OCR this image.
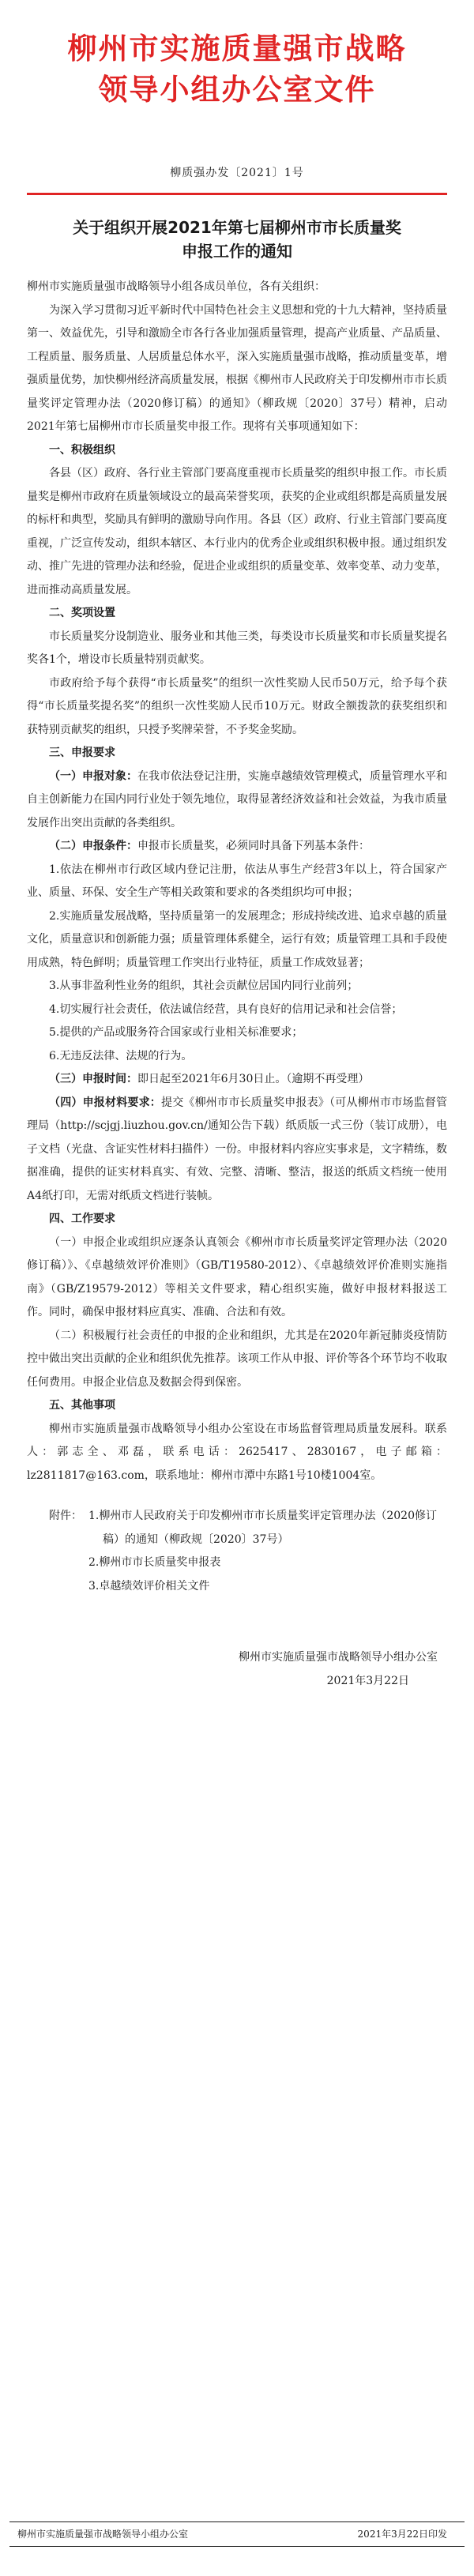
柳州市实施质量强市战略
领导小组办公室文件
柳质强办发〔2021〕1号
关于组织开展2021年第七届柳州市市长质量奖
申报工作的通知

柳州市实施质量强市战略领导小组各成员单位，各有关组织：

为深入学习贯彻习近平新时代中国特色社会主义思想和党的十九大精神，坚持质量第一、效益优先，引导和激励全市各行各业加强质量管理，提高产业质量、产品质量、工程质量、服务质量、人居质量总体水平，深入实施质量强市战略，推动质量变革，增强质量优势，加快柳州经济高质量发展，根据《柳州市人民政府关于印发柳州市市长质量奖评定管理办法（2020修订稿）的通知》（柳政规〔2020〕37号）精神，启动2021年第七届柳州市市长质量奖申报工作。现将有关事项通知如下：

一、积极组织

各县（区）政府、各行业主管部门要高度重视市长质量奖的组织申报工作。市长质量奖是柳州市政府在质量领域设立的最高荣誉奖项，获奖的企业或组织都是高质量发展的标杆和典型，奖励具有鲜明的激励导向作用。各县（区）政府、行业主管部门要高度重视，广泛宣传发动，组织本辖区、本行业内的优秀企业或组织积极申报。通过组织发动、推广先进的管理办法和经验，促进企业或组织的质量变革、效率变革、动力变革，进而推动高质量发展。

二、奖项设置

市长质量奖分设制造业、服务业和其他三类，每类设市长质量奖和市长质量奖提名奖各1个，增设市长质量特别贡献奖。

市政府给予每个获得“市长质量奖”的组织一次性奖励人民币50万元，给予每个获得“市长质量奖提名奖”的组织一次性奖励人民币10万元。财政全额拨款的获奖组织和获特别贡献奖的组织，只授予奖牌荣誉，不予奖金奖励。

三、申报要求

（一）申报对象：在我市依法登记注册，实施卓越绩效管理模式，质量管理水平和自主创新能力在国内同行业处于领先地位，取得显著经济效益和社会效益，为我市质量发展作出突出贡献的各类组织。

（二）申报条件：申报市长质量奖，必须同时具备下列基本条件：

1.依法在柳州市行政区域内登记注册，依法从事生产经营3年以上，符合国家产业、质量、环保、安全生产等相关政策和要求的各类组织均可申报；

2.实施质量发展战略，坚持质量第一的发展理念；形成持续改进、追求卓越的质量文化，质量意识和创新能力强；质量管理体系健全，运行有效；质量管理工具和手段使用成熟，特色鲜明；质量管理工作突出行业特征，质量工作成效显著；

3.从事非盈利性业务的组织，其社会贡献位居国内同行业前列；

4.切实履行社会责任，依法诚信经营，具有良好的信用记录和社会信誉；

5.提供的产品或服务符合国家或行业相关标准要求；

6.无违反法律、法规的行为。

（三）申报时间：即日起至2021年6月30日止。（逾期不再受理）

（四）申报材料要求：提交《柳州市市长质量奖申报表》（可从柳州市市场监督管理局（http://scjgj.liuzhou.gov.cn/通知公告下载）纸质版一式三份（装订成册），电子文档（光盘、含证实性材料扫描件）一份。申报材料内容应实事求是，文字精练，数据准确，提供的证实材料真实、有效、完整、清晰、整洁，报送的纸质文档统一使用A4纸打印，无需对纸质文档进行装帧。

四、工作要求

（一）申报企业或组织应逐条认真领会《柳州市市长质量奖评定管理办法（2020修订稿）》、《卓越绩效评价准则》（GB/T19580-2012）、《卓越绩效评价准则实施指南》（GB/Z19579-2012）等相关文件要求，精心组织实施，做好申报材料报送工作。同时，确保申报材料应真实、准确、合法和有效。

（二）积极履行社会责任的申报的企业和组织，尤其是在2020年新冠肺炎疫情防控中做出突出贡献的企业和组织优先推荐。该项工作从申报、评价等各个环节均不收取任何费用。申报企业信息及数据会得到保密。

五、其他事项

柳州市实施质量强市战略领导小组办公室设在市场监督管理局质量发展科。联系人：郭志全、邓磊，联系电话：2625417、2830167，电子邮箱：lz2811817@163.com，联系地址：柳州市潭中东路1号10楼1004室。

附件： 1.柳州市人民政府关于印发柳州市市长质量奖评定管理办法（2020修订稿）的通知（柳政规〔2020〕37号）
2.柳州市市长质量奖申报表
3.卓越绩效评价相关文件
柳州市实施质量强市战略领导小组办公室
2021年3月22日
柳州市实施质量强市战略领导小组办公室	2021年3月22日印发
